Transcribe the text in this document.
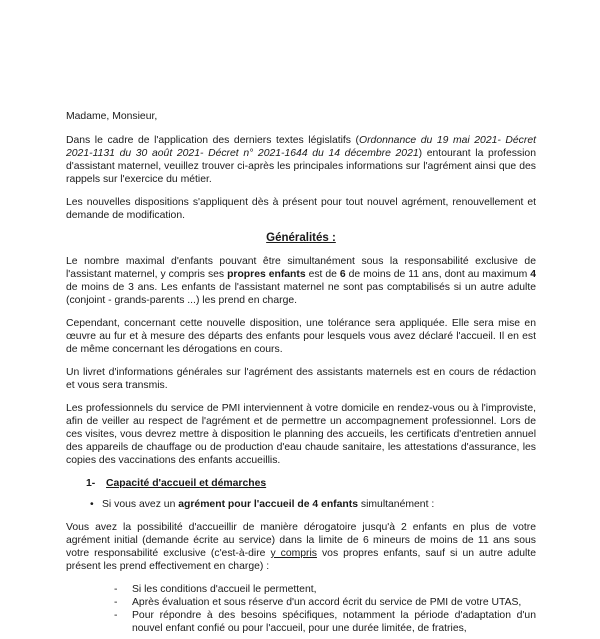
Madame, Monsieur,

Dans le cadre de l'application des derniers textes législatifs (Ordonnance du 19 mai 2021- Décret 2021-1131 du 30 août 2021- Décret n° 2021-1644 du 14 décembre 2021) entourant la profession d'assistant maternel, veuillez trouver ci-après les principales informations sur l'agrément ainsi que des rappels sur l'exercice du métier.

Les nouvelles dispositions s'appliquent dès à présent pour tout nouvel agrément, renouvellement et demande de modification.

Généralités :

Le nombre maximal d'enfants pouvant être simultanément sous la responsabilité exclusive de l'assistant maternel, y compris ses propres enfants est de 6 de moins de 11 ans, dont au maximum 4 de moins de 3 ans. Les enfants de l'assistant maternel ne sont pas comptabilisés si un autre adulte (conjoint - grands-parents ...) les prend en charge.

Cependant, concernant cette nouvelle disposition, une tolérance sera appliquée. Elle sera mise en œuvre au fur et à mesure des départs des enfants pour lesquels vous avez déclaré l'accueil. Il en est de même concernant les dérogations en cours.

Un livret d'informations générales sur l'agrément des assistants maternels est en cours de rédaction et vous sera transmis.

Les professionnels du service de PMI interviennent à votre domicile en rendez-vous ou à l'improviste, afin de veiller au respect de l'agrément et de permettre un accompagnement professionnel. Lors de ces visites, vous devrez mettre à disposition le planning des accueils, les certificats d'entretien annuel des appareils de chauffage ou de production d'eau chaude sanitaire, les attestations d'assurance, les copies des vaccinations des enfants accueillis.

1- Capacité d'accueil et démarches

• Si vous avez un agrément pour l'accueil de 4 enfants simultanément :

Vous avez la possibilité d'accueillir de manière dérogatoire jusqu'à 2 enfants en plus de votre agrément initial (demande écrite au service) dans la limite de 6 mineurs de moins de 11 ans sous votre responsabilité exclusive (c'est-à-dire y compris vos propres enfants, sauf si un autre adulte présent les prend effectivement en charge) :

- Si les conditions d'accueil le permettent,
- Après évaluation et sous réserve d'un accord écrit du service de PMI de votre UTAS,
- Pour répondre à des besoins spécifiques, notamment la période d'adaptation d'un nouvel enfant confié ou pour l'accueil, pour une durée limitée, de fratries,
